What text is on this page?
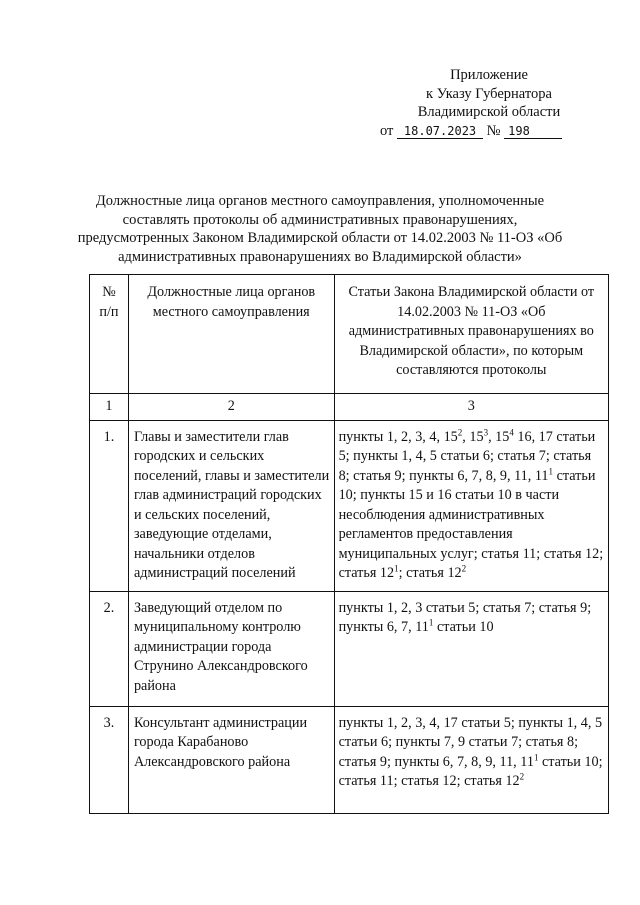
Приложение
к Указу Губернатора
Владимирской области
от 18.07.2023 № 198
Должностные лица органов местного самоуправления, уполномоченные составлять протоколы об административных правонарушениях, предусмотренных Законом Владимирской области от 14.02.2003 № 11-ОЗ «Об административных правонарушениях во Владимирской области»
№ п/п	Должностные лица органов местного самоуправления	Статьи Закона Владимирской области от 14.02.2003 № 11-ОЗ «Об административных правонарушениях во Владимирской области», по которым составляются протоколы
1	2	3
1.	Главы и заместители глав городских и сельских поселений, главы и заместители глав администраций городских и сельских поселений, заведующие отделами, начальники отделов администраций поселений	пункты 1, 2, 3, 4, $15^2$, $15^3$, $15^4$ 16, 17 статьи 5; пункты 1, 4, 5 статьи 6; статья 7; статья 8; статья 9; пункты 6, 7, 8, 9, 11, $11^1$ статьи 10; пункты 15 и 16 статьи 10 в части несоблюдения административных регламентов предоставления муниципальных услуг; статья 11; статья 12; статья $12^1$; статья $12^2$
2.	Заведующий отделом по муниципальному контролю администрации города Струнино Александровского района	пункты 1, 2, 3 статьи 5; статья 7; статья 9; пункты 6, 7, $11^1$ статьи 10
3.	Консультант администрации города Карабаново Александровского района	пункты 1, 2, 3, 4, 17 статьи 5; пункты 1, 4, 5 статьи 6; пункты 7, 9 статьи 7; статья 8; статья 9; пункты 6, 7, 8, 9, 11, $11^1$ статьи 10; статья 11; статья 12; статья $12^2$
